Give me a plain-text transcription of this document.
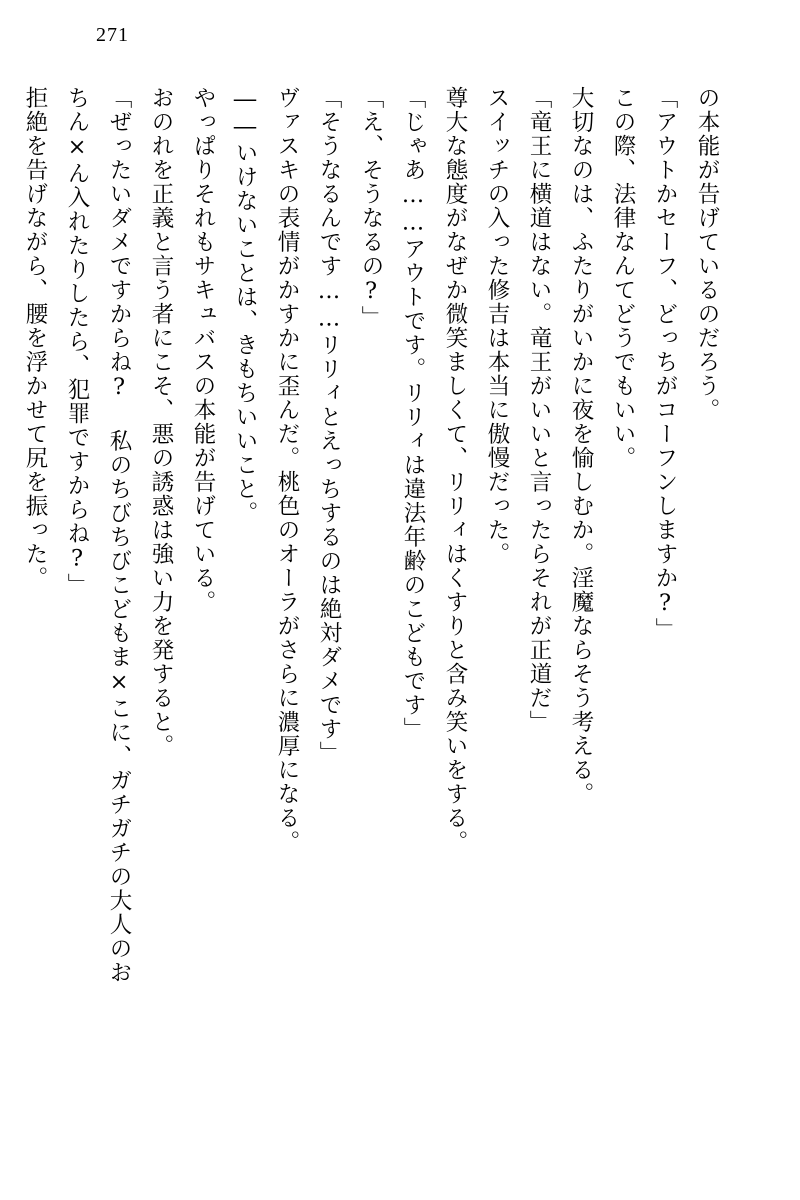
271

の本能が告げているのだろう。

「アウトかセーフ、どっちがコーフンしますか?」

この際、法律なんてどうでもいい。

大切なのは、ふたりがいかに夜を愉しむか。淫魔ならそう考える。

「竜王に横道はない。竜王がいいと言ったらそれが正道だ」

スイッチの入った修吉は本当に傲慢だった。

尊大な態度がなぜか微笑ましくて、リリィはくすりと含み笑いをする。

「じゃあ……アウトです。リリィは違法年齢のこどもです」

「え、そうなるの?」

「そうなるんです……リリィとえっちするのは絶対ダメです」

ヴァスキの表情がかすかに歪んだ。桃色のオーラがさらに濃厚になる。

――いけないことは、きもちいいこと。

やっぱりそれもサキュバスの本能が告げている。

おのれを正義と言う者にこそ、悪の誘惑は強い力を発すると。

「ぜったいダメですからね? 私のちびちびこどもま×こに、ガチガチの大人のお

ちん×ん入れたりしたら、犯罪ですからね?」

拒絶を告げながら、腰を浮かせて尻を振った。
